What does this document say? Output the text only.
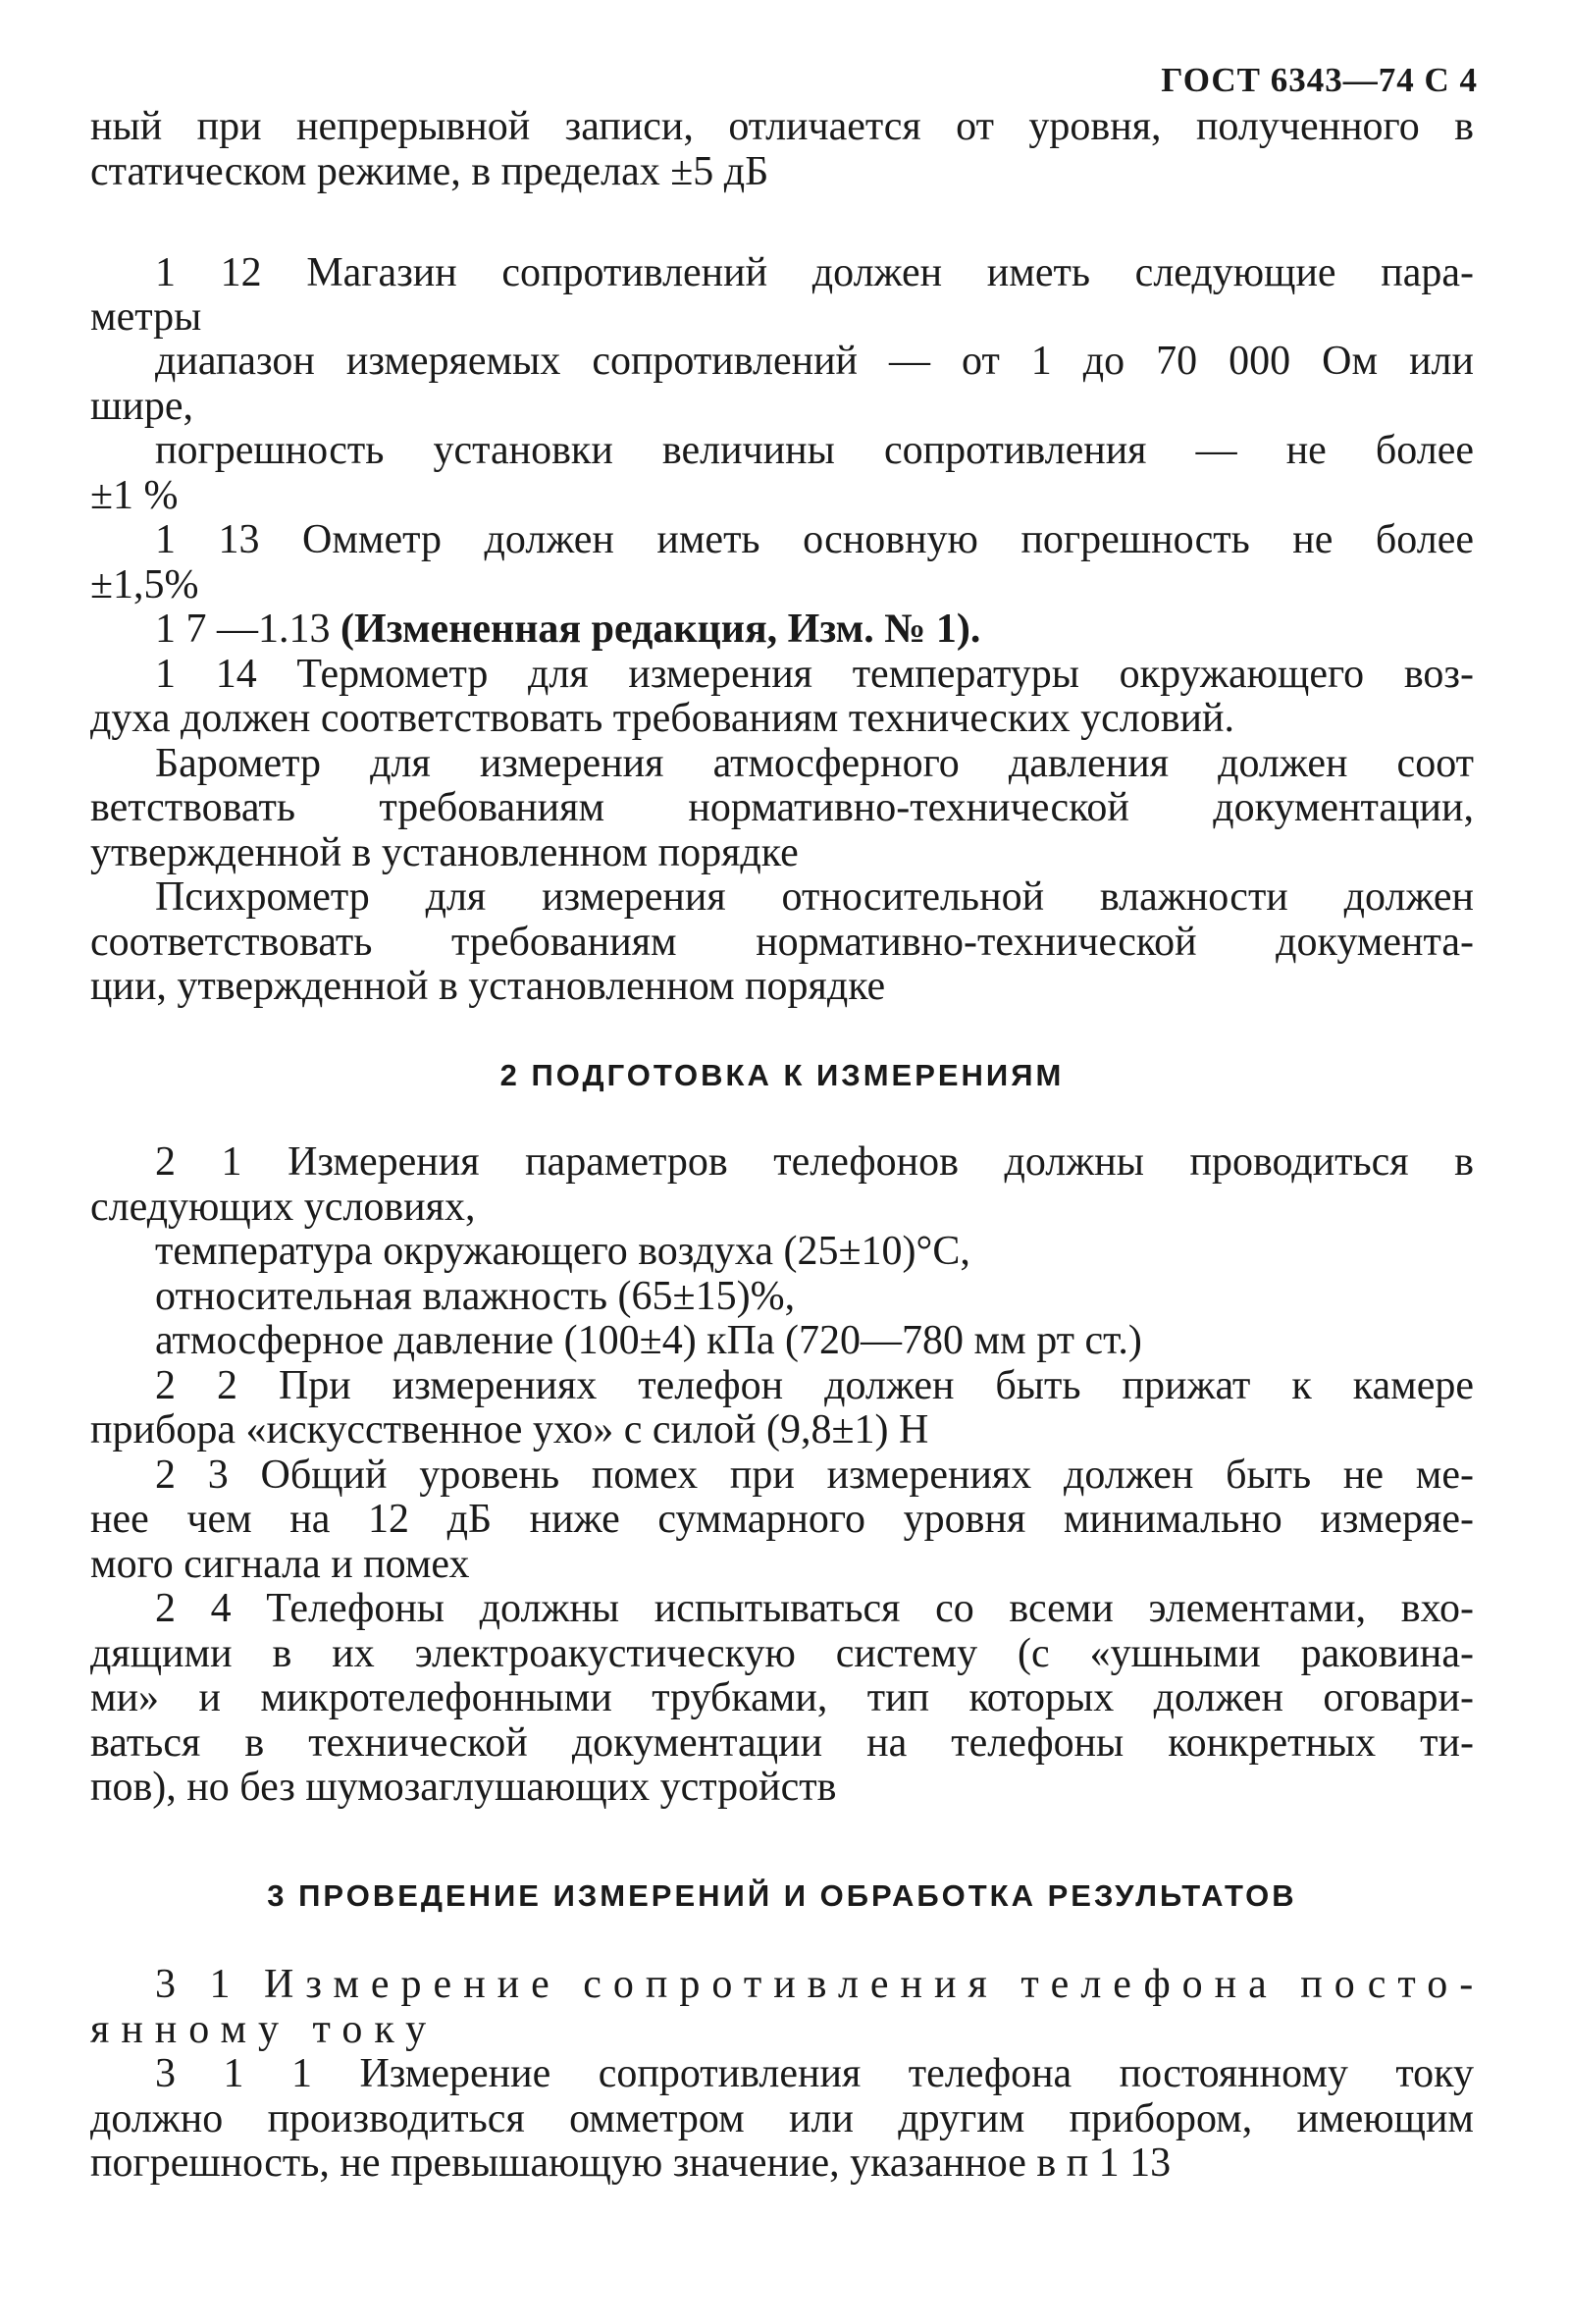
ГОСТ 6343—74 С 4
ный при непрерывной записи, отличается от уровня, полученного в
статическом режиме, в пределах ±5 дБ
1 12 Магазин сопротивлений должен иметь следующие пара-
метры
диапазон измеряемых сопротивлений — от 1 до 70 000 Ом или
шире,
погрешность установки величины сопротивления — не более
±1 %
1 13 Омметр должен иметь основную погрешность не более
±1,5%
1 7 —1.13 (Измененная редакция, Изм. № 1).
1 14 Термометр для измерения температуры окружающего воз-
духа должен соответствовать требованиям технических условий.
Барометр для измерения атмосферного давления должен соот
ветствовать требованиям нормативно-технической документации,
утвержденной в установленном порядке
Психрометр для измерения относительной влажности должен
соответствовать требованиям нормативно-технической документа-
ции, утвержденной в установленном порядке
2 ПОДГОТОВКА К ИЗМЕРЕНИЯМ
2 1 Измерения параметров телефонов должны проводиться в
следующих условиях,
температура окружающего воздуха (25±10)°С,
относительная влажность (65±15)%,
атмосферное давление (100±4) кПа (720—780 мм рт ст.)
2 2 При измерениях телефон должен быть прижат к камере
прибора «искусственное ухо» с силой (9,8±1) Н
2 3 Общий уровень помех при измерениях должен быть не ме-
нее чем на 12 дБ ниже суммарного уровня минимально измеряе-
мого сигнала и помех
2 4 Телефоны должны испытываться со всеми элементами, вхо-
дящими в их электроакустическую систему (с «ушными раковина-
ми» и микротелефонными трубками, тип которых должен оговари-
ваться в технической документации на телефоны конкретных ти-
пов), но без шумозаглушающих устройств
3 ПРОВЕДЕНИЕ ИЗМЕРЕНИЙ И ОБРАБОТКА РЕЗУЛЬТАТОВ
3 1 Измерение сопротивления телефона посто-
янному току
3 1 1 Измерение сопротивления телефона постоянному току
должно производиться омметром или другим прибором, имеющим
погрешность, не превышающую значение, указанное в п 1 13
